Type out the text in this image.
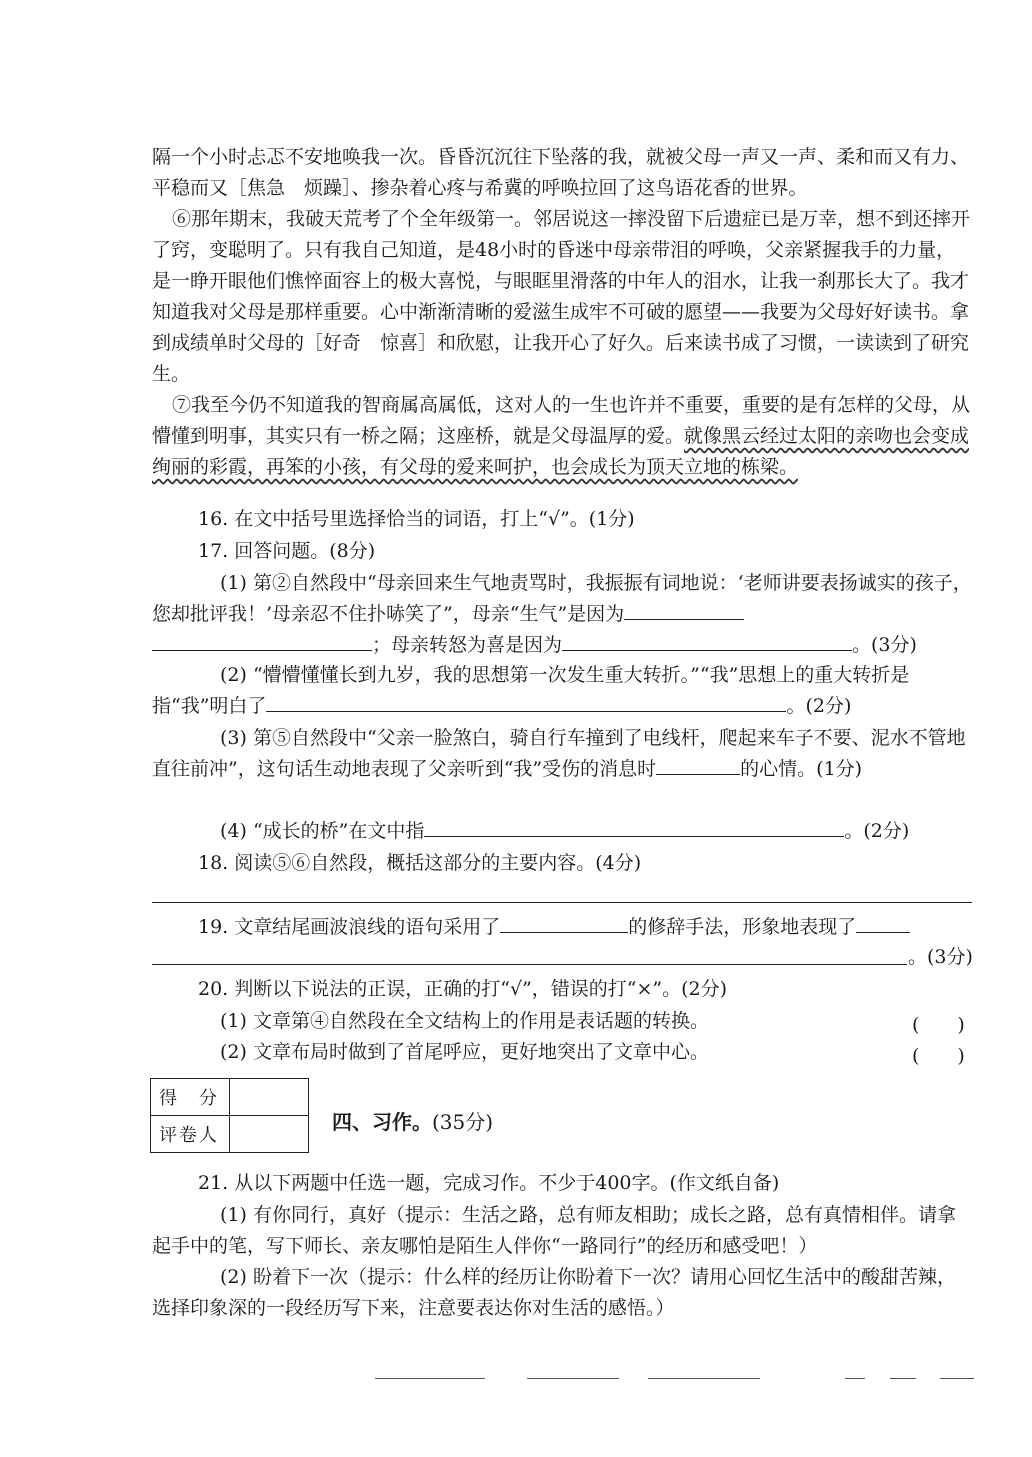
隔一个小时忐忑不安地唤我一次。昏昏沉沉往下坠落的我，就被父母一声又一声、柔和而又有力、平稳而又［焦急　烦躁］、掺杂着心疼与希冀的呼唤拉回了这鸟语花香的世界。

⑥那年期末，我破天荒考了个全年级第一。邻居说这一摔没留下后遗症已是万幸，想不到还摔开了窍，变聪明了。只有我自己知道，是48小时的昏迷中母亲带泪的呼唤，父亲紧握我手的力量，是一睁开眼他们憔悴面容上的极大喜悦，与眼眶里滑落的中年人的泪水，让我一刹那长大了。我才知道我对父母是那样重要。心中渐渐清晰的爱滋生成牢不可破的愿望——我要为父母好好读书。拿到成绩单时父母的［好奇　惊喜］和欣慰，让我开心了好久。后来读书成了习惯，一读读到了研究生。

⑦我至今仍不知道我的智商属高属低，这对人的一生也许并不重要，重要的是有怎样的父母，从懵懂到明事，其实只有一桥之隔；这座桥，就是父母温厚的爱。就像黑云经过太阳的亲吻也会变成绚丽的彩霞，再笨的小孩，有父母的爱来呵护，也会成长为顶天立地的栋梁。

16. 在文中括号里选择恰当的词语，打上“√”。(1分)

17. 回答问题。(8分)

(1) 第②自然段中“母亲回来生气地责骂时，我振振有词地说：‘老师讲要表扬诚实的孩子，您却批评我！’母亲忍不住扑哧笑了”，母亲“生气”是因为
；母亲转怒为喜是因为	。(3分)

(2) “懵懵懂懂长到九岁，我的思想第一次发生重大转折。”“我”思想上的重大转折是指“我”明白了	。(2分)

(3) 第⑤自然段中“父亲一脸煞白，骑自行车撞到了电线杆，爬起来车子不要、泥水不管地直往前冲”，这句话生动地表现了父亲听到“我”受伤的消息时	的心情。(1分)

(4) “成长的桥”在文中指	。(2分)

18. 阅读⑤⑥自然段，概括这部分的主要内容。(4分)

19. 文章结尾画波浪线的语句采用了	的修辞手法，形象地表现了

。(3分)

20. 判断以下说法的正误，正确的打“√”，错误的打“×”。(2分)

(1) 文章第④自然段在全文结构上的作用是表话题的转换。	(　　)

(2) 文章布局时做到了首尾呼应，更好地突出了文章中心。	(　　)
得　分	
评卷人	
四、习作。(35分)

21. 从以下两题中任选一题，完成习作。不少于400字。(作文纸自备)

(1) 有你同行，真好（提示：生活之路，总有师友相助；成长之路，总有真情相伴。请拿起手中的笔，写下师长、亲友哪怕是陌生人伴你“一路同行”的经历和感受吧！）

(2) 盼着下一次（提示：什么样的经历让你盼着下一次？请用心回忆生活中的酸甜苦辣，选择印象深的一段经历写下来，注意要表达你对生活的感悟。）
